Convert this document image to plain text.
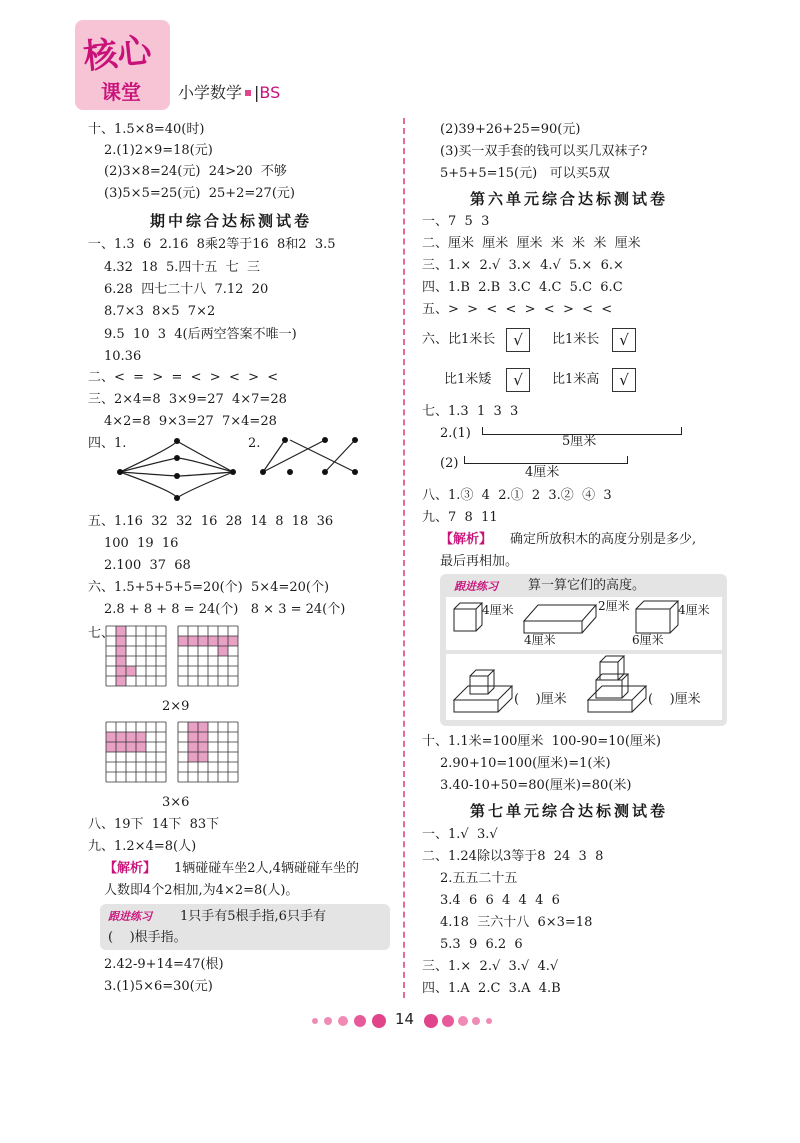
核心
课堂 小学数学 |BS
十、1.5×8=40(时)
2.(1)2×9=18(元)
(2)3×8=24(元)  24>20  不够
(3)5×5=25(元)  25+2=27(元)
期中综合达标测试卷
一、1.3  6  2.16  8乘2等于16  8和2  3.5
4.32  18  5.四十五  七  三
6.28  四七二十八  7.12  20
8.7×3  8×5  7×2
9.5  10  3  4(后两空答案不唯一)
10.36
二、<  =  >  =  <  >  <  >  <
三、2×4=8  3×9=27  4×7=28
4×2=8  9×3=27  7×4=28
四、1.	2.
五、1.16  32  32  16  28  14  8  18  36
100  19  16
2.100  37  68
六、1.5+5+5+5=20(个)  5×4=20(个)
2.8 + 8 + 8 = 24(个)   8 × 3 = 24(个)
七、
2×9
3×6
八、19下  14下  83下
九、1.2×4=8(人)
【解析】 1辆碰碰车坐2人,4辆碰碰车坐的
人数即4个2相加,为4×2=8(人)。
跟进练习 1只手有5根手指,6只手有
(    )根手指。
2.42-9+14=47(根)
3.(1)5×6=30(元)
(2)39+26+25=90(元)
(3)买一双手套的钱可以买几双袜子?
5+5+5=15(元)   可以买5双
第六单元综合达标测试卷
一、7  5  3
二、厘米  厘米  厘米  米  米  米  厘米
三、1.×  2.√  3.×  4.√  5.×  6.×
四、1.B  2.B  3.C  4.C  5.C  6.C
五、>  >  <  <  >  <  >  <  <
六、比1米长	√	比1米长	√
比1米矮	√	比1米高	√
七、1.3  1  3  3
2.(1)
5厘米
(2)
4厘米
八、1.③  4  2.①  2  3.②  ④  3
九、7  8  11
【解析】 确定所放积木的高度分别是多少,
最后再相加。
跟进练习 算一算它们的高度。
4厘米	2厘米
4厘米
4厘米
6厘米
(    )厘米	(    )厘米
十、1.1米=100厘米  100-90=10(厘米)
2.90+10=100(厘米)=1(米)
3.40-10+50=80(厘米)=80(米)
第七单元综合达标测试卷
一、1.√  3.√
二、1.24除以3等于8  24  3  8
2.五五二十五
3.4  6  6  4  4  4  6
4.18  三六十八  6×3=18
5.3  9  6.2  6
三、1.×  2.√  3.√  4.√
四、1.A  2.C  3.A  4.B
14
